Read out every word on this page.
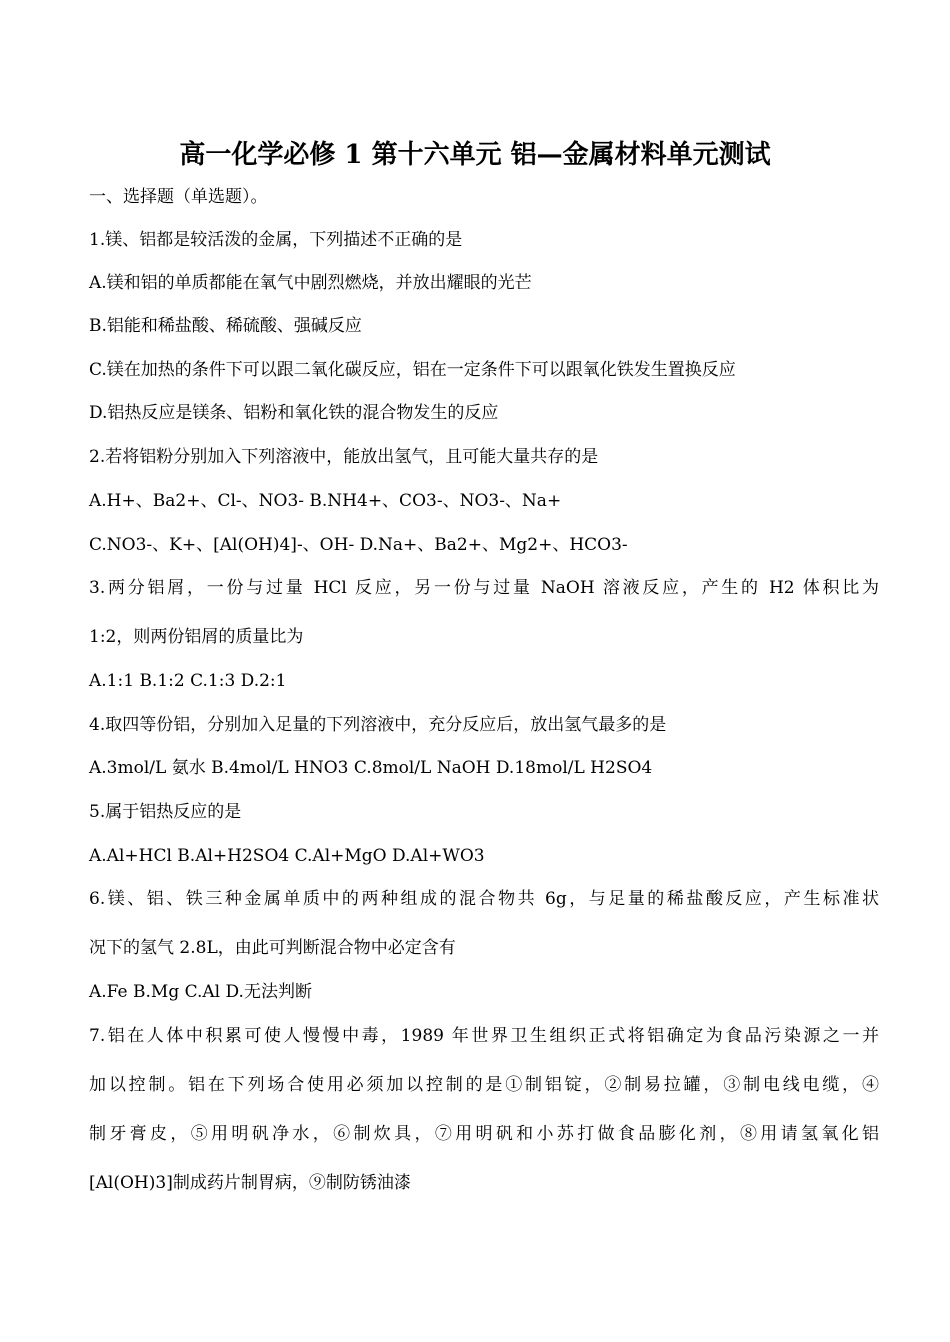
高一化学必修 1 第十六单元 铝—金属材料单元测试
一、选择题（单选题）。
1.镁、铝都是较活泼的金属，下列描述不正确的是
A.镁和铝的单质都能在氧气中剧烈燃烧，并放出耀眼的光芒
B.铝能和稀盐酸、稀硫酸、强碱反应
C.镁在加热的条件下可以跟二氧化碳反应，铝在一定条件下可以跟氧化铁发生置换反应
D.铝热反应是镁条、铝粉和氧化铁的混合物发生的反应
2.若将铝粉分别加入下列溶液中，能放出氢气，且可能大量共存的是
A.H+、Ba2+、Cl-、NO3- B.NH4+、CO3-、NO3-、Na+
C.NO3-、K+、[Al(OH)4]-、OH- D.Na+、Ba2+、Mg2+、HCO3-
3.两分铝屑，一份与过量 HCl 反应，另一份与过量 NaOH 溶液反应，产生的 H2 体积比为
1:2，则两份铝屑的质量比为
A.1:1 B.1:2 C.1:3 D.2:1
4.取四等份铝，分别加入足量的下列溶液中，充分反应后，放出氢气最多的是
A.3mol/L 氨水 B.4mol/L HNO3 C.8mol/L NaOH D.18mol/L H2SO4
5.属于铝热反应的是
A.Al+HCl B.Al+H2SO4 C.Al+MgO D.Al+WO3
6.镁、铝、铁三种金属单质中的两种组成的混合物共 6g，与足量的稀盐酸反应，产生标准状
况下的氢气 2.8L，由此可判断混合物中必定含有
A.Fe B.Mg C.Al D.无法判断
7.铝在人体中积累可使人慢慢中毒，1989 年世界卫生组织正式将铝确定为食品污染源之一并
加以控制。铝在下列场合使用必须加以控制的是①制铝锭，②制易拉罐，③制电线电缆，④
制牙膏皮，⑤用明矾净水，⑥制炊具，⑦用明矾和小苏打做食品膨化剂，⑧用请氢氧化铝
[Al(OH)3]制成药片制胃病，⑨制防锈油漆
